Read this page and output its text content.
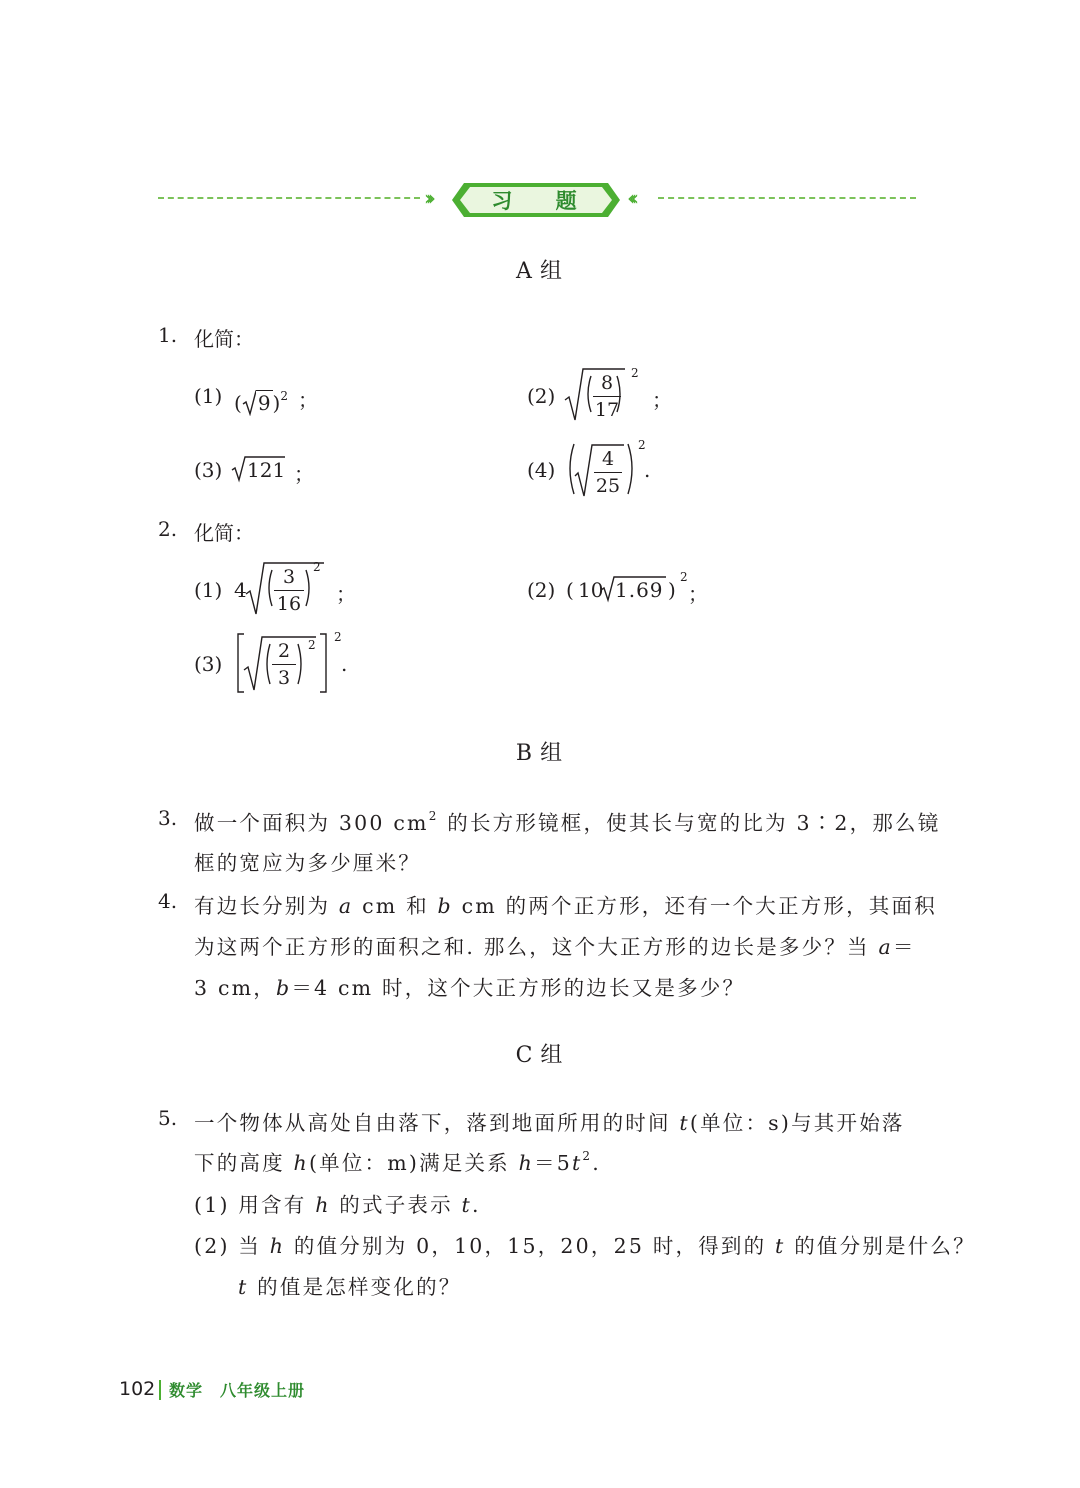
›››	习 题	‹‹‹
A 组
1. 化简：
(1) ( 9 )$^2$ ；	(2)
8
17
2
；
(3) 121 ；	(4)	4
25
2
.
2. 化简：
(1) 4
3
16
2
；	(2) ( 10 1.69 )
2
；
(3)
2
3
2
2
.
B 组
3. 做一个面积为 300 $cm^2$ 的长方形镜框，使其长与宽的比为 3∶2，那么镜
框的宽应为多少厘米？
4. 有边长分别为 a cm 和 b cm 的两个正方形，还有一个大正方形，其面积
为这两个正方形的面积之和. 那么，这个大正方形的边长是多少？当 a＝
3 cm，b＝4 cm 时，这个大正方形的边长又是多少？
C 组
5. 一个物体从高处自由落下，落到地面所用的时间 t(单位：s)与其开始落
下的高度 h(单位：m)满足关系 $h=5t^2$.
(1) 用含有 h 的式子表示 t.
(2) 当 h 的值分别为 0，10，15，20，25 时，得到的 t 的值分别是什么？
t 的值是怎样变化的？
102 数学　八年级上册
